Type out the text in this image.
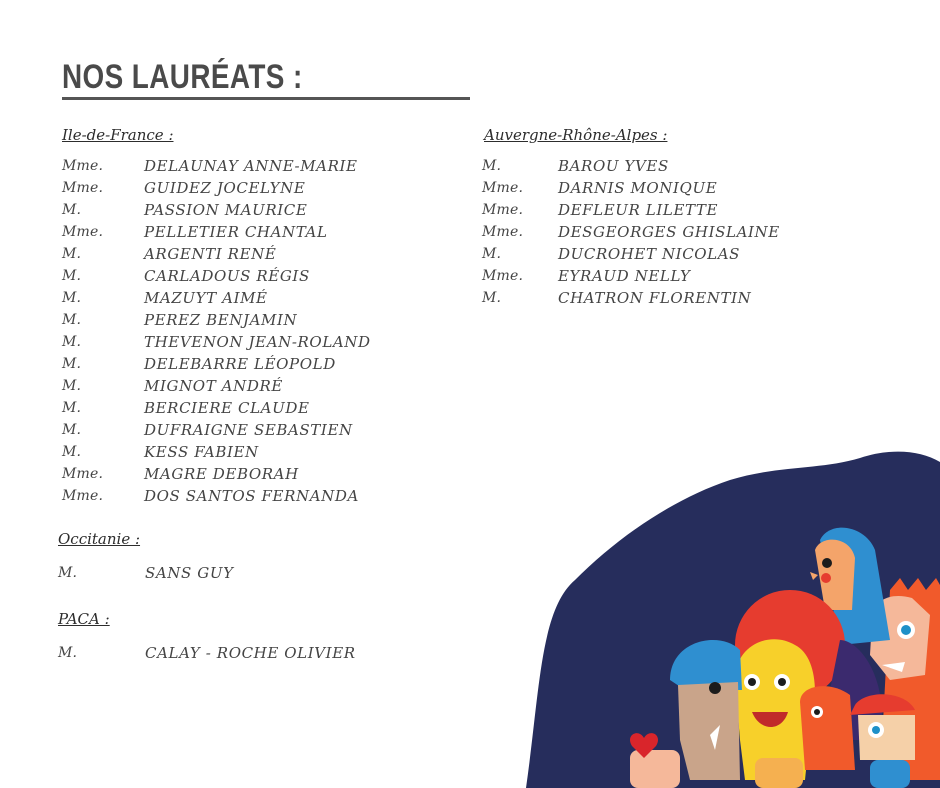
NOS LAURÉATS :
Ile-de-France :
Mme.	DELAUNAY ANNE-MARIE
Mme.	GUIDEZ JOCELYNE
M.	PASSION MAURICE
Mme.	PELLETIER CHANTAL
M.	ARGENTI RENÉ
M.	CARLADOUS RÉGIS
M.	MAZUYT AIMÉ
M.	PEREZ BENJAMIN
M.	THEVENON JEAN-ROLAND
M.	DELEBARRE LÉOPOLD
M.	MIGNOT ANDRÉ
M.	BERCIERE CLAUDE
M.	DUFRAIGNE SEBASTIEN
M.	KESS FABIEN
Mme.	MAGRE DEBORAH
Mme.	DOS SANTOS FERNANDA
Auvergne-Rhône-Alpes :
M.	BAROU YVES
Mme.	DARNIS MONIQUE
Mme.	DEFLEUR LILETTE
Mme.	DESGEORGES GHISLAINE
M.	DUCROHET NICOLAS
Mme.	EYRAUD NELLY
M.	CHATRON FLORENTIN
Occitanie :
M.	SANS GUY
PACA :
M.	CALAY - ROCHE OLIVIER
